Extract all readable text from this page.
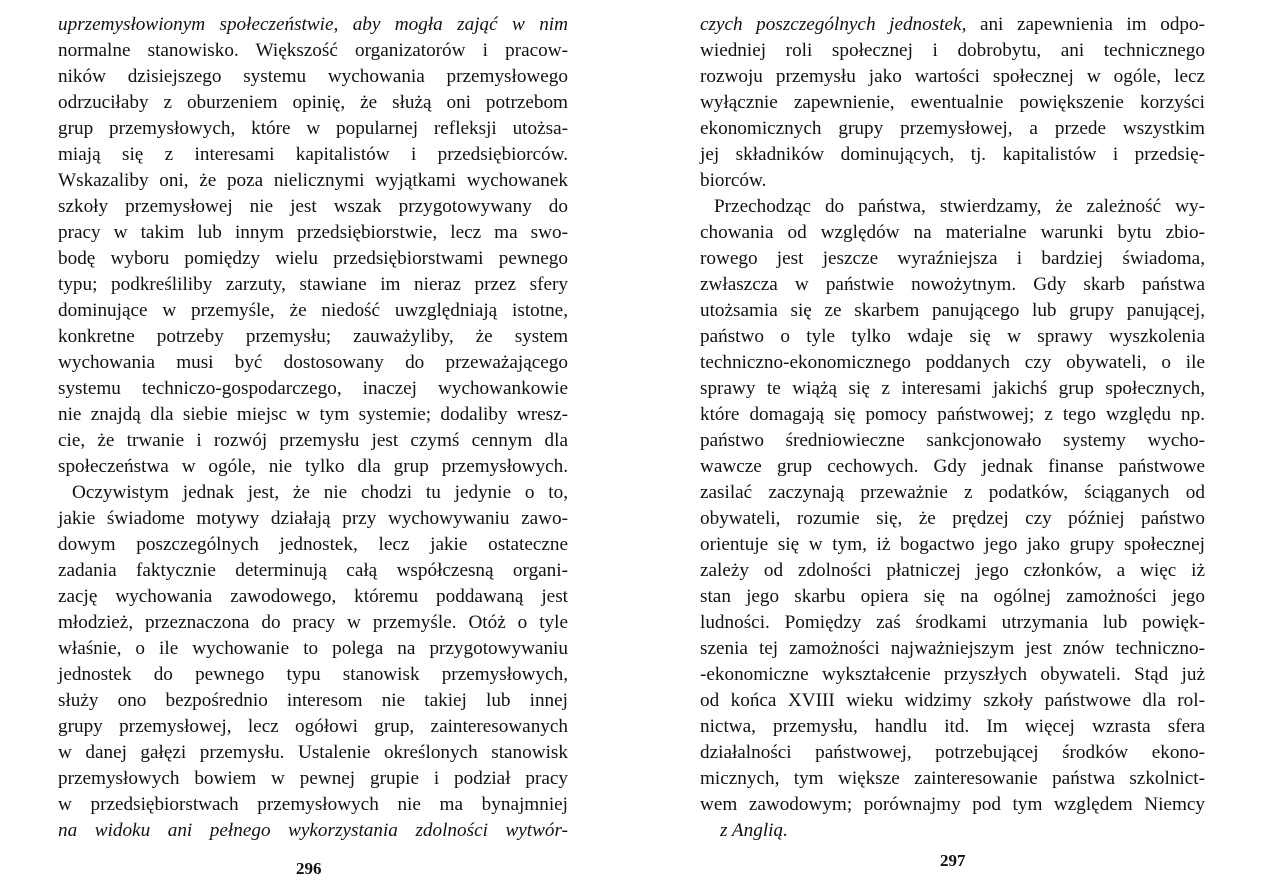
uprzemysłowionym społeczeństwie, aby mogła zająć w nim
normalne stanowisko. Większość organizatorów i pracow-
ników dzisiejszego systemu wychowania przemysłowego
odrzuciłaby z oburzeniem opinię, że służą oni potrzebom
grup przemysłowych, które w popularnej refleksji utożsa-
miają się z interesami kapitalistów i przedsiębiorców.
Wskazaliby oni, że poza nielicznymi wyjątkami wychowanek
szkoły przemysłowej nie jest wszak przygotowywany do
pracy w takim lub innym przedsiębiorstwie, lecz ma swo-
bodę wyboru pomiędzy wielu przedsiębiorstwami pewnego
typu; podkreśliliby zarzuty, stawiane im nieraz przez sfery
dominujące w przemyśle, że niedość uwzględniają istotne,
konkretne potrzeby przemysłu; zauważyliby, że system
wychowania musi być dostosowany do przeważającego
systemu techniczo-gospodarczego, inaczej wychowankowie
nie znajdą dla siebie miejsc w tym systemie; dodaliby wresz-
cie, że trwanie i rozwój przemysłu jest czymś cennym dla
społeczeństwa w ogóle, nie tylko dla grup przemysłowych.
Oczywistym jednak jest, że nie chodzi tu jedynie o to,
jakie świadome motywy działają przy wychowywaniu zawo-
dowym poszczególnych jednostek, lecz jakie ostateczne
zadania faktycznie determinują całą współczesną organi-
zację wychowania zawodowego, któremu poddawaną jest
młodzież, przeznaczona do pracy w przemyśle. Otóż o tyle
właśnie, o ile wychowanie to polega na przygotowywaniu
jednostek do pewnego typu stanowisk przemysłowych,
służy ono bezpośrednio interesom nie takiej lub innej
grupy przemysłowej, lecz ogółowi grup, zainteresowanych
w danej gałęzi przemysłu. Ustalenie określonych stanowisk
przemysłowych bowiem w pewnej grupie i podział pracy
w przedsiębiorstwach przemysłowych nie ma bynajmniej
na widoku ani pełnego wykorzystania zdolności wytwór-
296
czych poszczególnych jednostek, ani zapewnienia im odpo-
wiedniej roli społecznej i dobrobytu, ani technicznego
rozwoju przemysłu jako wartości społecznej w ogóle, lecz
wyłącznie zapewnienie, ewentualnie powiększenie korzyści
ekonomicznych grupy przemysłowej, a przede wszystkim
jej składników dominujących, tj. kapitalistów i przedsię-
biorców.
Przechodząc do państwa, stwierdzamy, że zależność wy-
chowania od względów na materialne warunki bytu zbio-
rowego jest jeszcze wyraźniejsza i bardziej świadoma,
zwłaszcza w państwie nowożytnym. Gdy skarb państwa
utożsamia się ze skarbem panującego lub grupy panującej,
państwo o tyle tylko wdaje się w sprawy wyszkolenia
techniczno-ekonomicznego poddanych czy obywateli, o ile
sprawy te wiążą się z interesami jakichś grup społecznych,
które domagają się pomocy państwowej; z tego względu np.
państwo średniowieczne sankcjonowało systemy wycho-
wawcze grup cechowych. Gdy jednak finanse państwowe
zasilać zaczynają przeważnie z podatków, ściąganych od
obywateli, rozumie się, że prędzej czy później państwo
orientuje się w tym, iż bogactwo jego jako grupy społecznej
zależy od zdolności płatniczej jego członków, a więc iż
stan jego skarbu opiera się na ogólnej zamożności jego
ludności. Pomiędzy zaś środkami utrzymania lub powięk-
szenia tej zamożności najważniejszym jest znów techniczno-
-ekonomiczne wykształcenie przyszłych obywateli. Stąd już
od końca XVIII wieku widzimy szkoły państwowe dla rol-
nictwa, przemysłu, handlu itd. Im więcej wzrasta sfera
działalności państwowej, potrzebującej środków ekono-
micznych, tym większe zainteresowanie państwa szkolnict-
wem zawodowym; porównajmy pod tym względem Niemcy
z Anglią.
297
